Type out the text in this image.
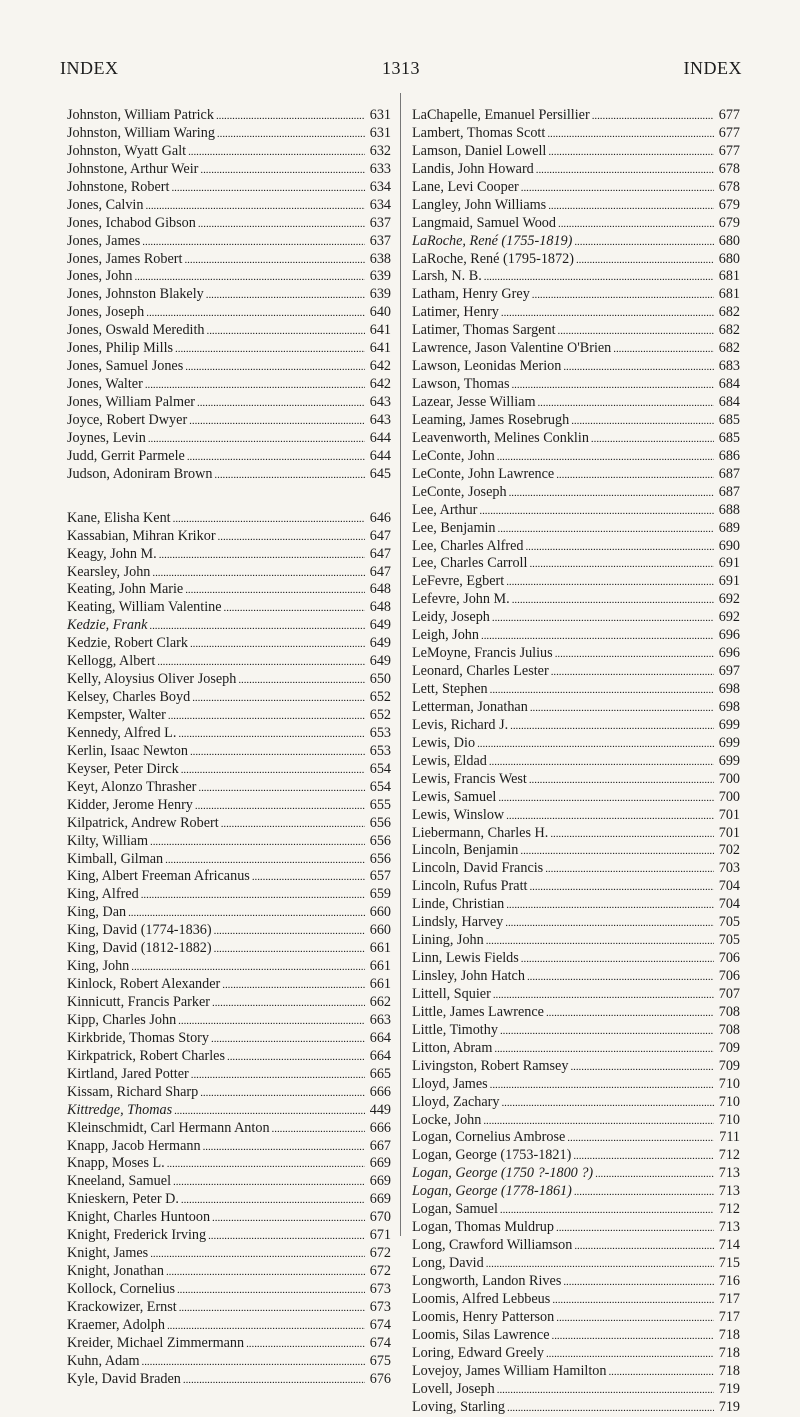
INDEX	1313	INDEX
Johnston, William Patrick . . .	631
Johnston, William Waring . . .	631
Johnston, Wyatt Galt . . .	632
Johnstone, Arthur Weir . . .	633
Johnstone, Robert . . .	634
Jones, Calvin . . .	634
Jones, Ichabod Gibson . . .	637
Jones, James . . .	637
Jones, James Robert . . .	638
Jones, John . . .	639
Jones, Johnston Blakely . . .	639
Jones, Joseph . . .	640
Jones, Oswald Meredith . . .	641
Jones, Philip Mills . . .	641
Jones, Samuel Jones . . .	642
Jones, Walter . . .	642
Jones, William Palmer . . .	643
Joyce, Robert Dwyer . . .	643
Joynes, Levin . . .	644
Judd, Gerrit Parmele . . .	644
Judson, Adoniram Brown . . .	645
Kane, Elisha Kent . . .	646
Kassabian, Mihran Krikor . . .	647
Keagy, John M. . . .	647
Kearsley, John . . .	647
Keating, John Marie . . .	648
Keating, William Valentine . . .	648
Kedzie, Frank . . .	649
Kedzie, Robert Clark . . .	649
Kellogg, Albert . . .	649
Kelly, Aloysius Oliver Joseph . . .	650
Kelsey, Charles Boyd . . .	652
Kempster, Walter . . .	652
Kennedy, Alfred L. . . .	653
Kerlin, Isaac Newton . . .	653
Keyser, Peter Dirck . . .	654
Keyt, Alonzo Thrasher . . .	654
Kidder, Jerome Henry . . .	655
Kilpatrick, Andrew Robert . . .	656
Kilty, William . . .	656
Kimball, Gilman . . .	656
King, Albert Freeman Africanus . . .	657
King, Alfred . . .	659
King, Dan . . .	660
King, David (1774-1836) . . .	660
King, David (1812-1882) . . .	661
King, John . . .	661
Kinlock, Robert Alexander . . .	661
Kinnicutt, Francis Parker . . .	662
Kipp, Charles John . . .	663
Kirkbride, Thomas Story . . .	664
Kirkpatrick, Robert Charles . . .	664
Kirtland, Jared Potter . . .	665
Kissam, Richard Sharp . . .	666
Kittredge, Thomas . . .	449
Kleinschmidt, Carl Hermann Anton . . .	666
Knapp, Jacob Hermann . . .	667
Knapp, Moses L. . . .	669
Kneeland, Samuel . . .	669
Knieskern, Peter D. . . .	669
Knight, Charles Huntoon . . .	670
Knight, Frederick Irving . . .	671
Knight, James . . .	672
Knight, Jonathan . . .	672
Kollock, Cornelius . . .	673
Krackowizer, Ernst . . .	673
Kraemer, Adolph . . .	674
Kreider, Michael Zimmermann . . .	674
Kuhn, Adam . . .	675
Kyle, David Braden . . .	676
LaChapelle, Emanuel Persillier . . .	677
Lambert, Thomas Scott . . .	677
Lamson, Daniel Lowell . . .	677
Landis, John Howard . . .	678
Lane, Levi Cooper . . .	678
Langley, John Williams . . .	679
Langmaid, Samuel Wood . . .	679
LaRoche, René (1755-1819) . . .	680
LaRoche, René (1795-1872) . . .	680
Larsh, N. B. . . .	681
Latham, Henry Grey . . .	681
Latimer, Henry . . .	682
Latimer, Thomas Sargent . . .	682
Lawrence, Jason Valentine O'Brien . . .	682
Lawson, Leonidas Merion . . .	683
Lawson, Thomas . . .	684
Lazear, Jesse William . . .	684
Leaming, James Rosebrugh . . .	685
Leavenworth, Melines Conklin . . .	685
LeConte, John . . .	686
LeConte, John Lawrence . . .	687
LeConte, Joseph . . .	687
Lee, Arthur . . .	688
Lee, Benjamin . . .	689
Lee, Charles Alfred . . .	690
Lee, Charles Carroll . . .	691
LeFevre, Egbert . . .	691
Lefevre, John M. . . .	692
Leidy, Joseph . . .	692
Leigh, John . . .	696
LeMoyne, Francis Julius . . .	696
Leonard, Charles Lester . . .	697
Lett, Stephen . . .	698
Letterman, Jonathan . . .	698
Levis, Richard J. . . .	699
Lewis, Dio . . .	699
Lewis, Eldad . . .	699
Lewis, Francis West . . .	700
Lewis, Samuel . . .	700
Lewis, Winslow . . .	701
Liebermann, Charles H. . . .	701
Lincoln, Benjamin . . .	702
Lincoln, David Francis . . .	703
Lincoln, Rufus Pratt . . .	704
Linde, Christian . . .	704
Lindsly, Harvey . . .	705
Lining, John . . .	705
Linn, Lewis Fields . . .	706
Linsley, John Hatch . . .	706
Littell, Squier . . .	707
Little, James Lawrence . . .	708
Little, Timothy . . .	708
Litton, Abram . . .	709
Livingston, Robert Ramsey . . .	709
Lloyd, James . . .	710
Lloyd, Zachary . . .	710
Locke, John . . .	710
Logan, Cornelius Ambrose . . .	711
Logan, George (1753-1821) . . .	712
Logan, George (1750 ?-1800 ?) . . .	713
Logan, George (1778-1861) . . .	713
Logan, Samuel . . .	712
Logan, Thomas Muldrup . . .	713
Long, Crawford Williamson . . .	714
Long, David . . .	715
Longworth, Landon Rives . . .	716
Loomis, Alfred Lebbeus . . .	717
Loomis, Henry Patterson . . .	717
Loomis, Silas Lawrence . . .	718
Loring, Edward Greely . . .	718
Lovejoy, James William Hamilton . . .	718
Lovell, Joseph . . .	719
Loving, Starling . . .	719
